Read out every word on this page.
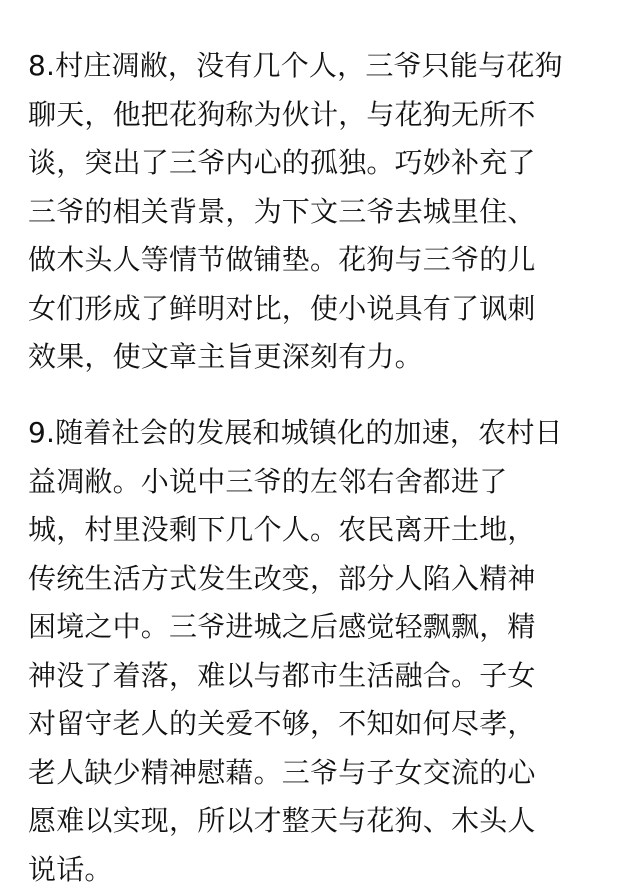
8.村庄凋敝，没有几个人，三爷只能与花狗
聊天，他把花狗称为伙计，与花狗无所不
谈，突出了三爷内心的孤独。巧妙补充了
三爷的相关背景，为下文三爷去城里住、
做木头人等情节做铺垫。花狗与三爷的儿
女们形成了鲜明对比，使小说具有了讽刺
效果，使文章主旨更深刻有力。
9.随着社会的发展和城镇化的加速，农村日
益凋敝。小说中三爷的左邻右舍都进了
城，村里没剩下几个人。农民离开土地，
传统生活方式发生改变，部分人陷入精神
困境之中。三爷进城之后感觉轻飘飘，精
神没了着落，难以与都市生活融合。子女
对留守老人的关爱不够，不知如何尽孝，
老人缺少精神慰藉。三爷与子女交流的心
愿难以实现，所以才整天与花狗、木头人
说话。
